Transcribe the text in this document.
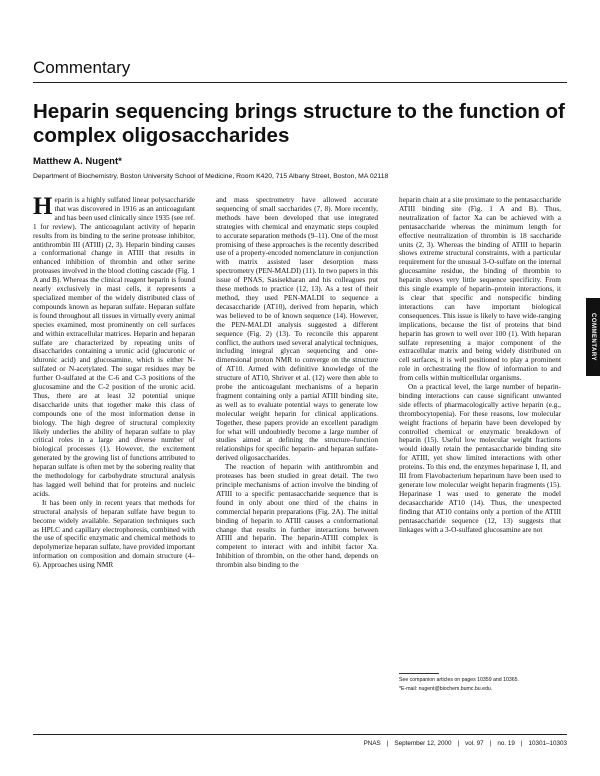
Commentary
Heparin sequencing brings structure to the function of complex oligosaccharides
Matthew A. Nugent*
Department of Biochemistry, Boston University School of Medicine, Room K420, 715 Albany Street, Boston, MA 02118

Heparin is a highly sulfated linear polysaccharide that was discovered in 1916 as an anticoagulant and has been used clinically since 1935 (see ref. 1 for review). The anticoagulant activity of heparin results from its binding to the serine protease inhibitor, antithrombin III (ATIII) (2, 3). Heparin binding causes a conformational change in ATIII that results in enhanced inhibition of thrombin and other serine proteases involved in the blood clotting cascade (Fig. 1 A and B). Whereas the clinical reagent heparin is found nearly exclusively in mast cells, it represents a specialized member of the widely distributed class of compounds known as heparan sulfate. Heparan sulfate is found throughout all tissues in virtually every animal species examined, most prominently on cell surfaces and within extracellular matrices. Heparin and heparan sulfate are characterized by repeating units of disaccharides containing a uronic acid (glucuronic or iduronic acid) and glucosamine, which is either N-sulfated or N-acetylated. The sugar residues may be further O-sulfated at the C-6 and C-3 positions of the glucosamine and the C-2 position of the uronic acid. Thus, there are at least 32 potential unique disaccharide units that together make this class of compounds one of the most information dense in biology. The high degree of structural complexity likely underlies the ability of heparan sulfate to play critical roles in a large and diverse number of biological processes (1). However, the excitement generated by the growing list of functions attributed to heparan sulfate is often met by the sobering reality that the methodology for carbohydrate structural analysis has lagged well behind that for proteins and nucleic acids.

It has been only in recent years that methods for structural analysis of heparan sulfate have begun to become widely available. Separation techniques such as HPLC and capillary electrophoresis, combined with the use of specific enzymatic and chemical methods to depolymerize heparan sulfate, have provided important information on composition and domain structure (4–6). Approaches using NMR

and mass spectrometry have allowed accurate sequencing of small saccharides (7, 8). More recently, methods have been developed that use integrated strategies with chemical and enzymatic steps coupled to accurate separation methods (9–11). One of the most promising of these approaches is the recently described use of a property-encoded nomenclature in conjunction with matrix assisted laser desorption mass spectrometry (PEN-MALDI) (11). In two papers in this issue of PNAS, Sasisekharan and his colleagues put these methods to practice (12, 13). As a test of their method, they used PEN-MALDI to sequence a decasaccharide (AT10), derived from heparin, which was believed to be of known sequence (14). However, the PEN-MALDI analysis suggested a different sequence (Fig. 2) (13). To reconcile this apparent conflict, the authors used several analytical techniques, including integral glycan sequencing and one-dimensional proton NMR to converge on the structure of AT10. Armed with definitive knowledge of the structure of AT10, Shriver et al. (12) were then able to probe the anticoagulant mechanisms of a heparin fragment containing only a partial ATIII binding site, as well as to evaluate potential ways to generate low molecular weight heparin for clinical applications. Together, these papers provide an excellent paradigm for what will undoubtedly become a large number of studies aimed at defining the structure–function relationships for specific heparin- and heparan sulfate-derived oligosaccharides.

The reaction of heparin with antithrombin and proteases has been studied in great detail. The two principle mechanisms of action involve the binding of ATIII to a specific pentasaccharide sequence that is found in only about one third of the chains in commercial heparin preparations (Fig. 2A). The initial binding of heparin to ATIII causes a conformational change that results in further interactions between ATIII and heparin. The heparin-ATIII complex is competent to interact with and inhibit factor Xa. Inhibition of thrombin, on the other hand, depends on thrombin also binding to the

heparin chain at a site proximate to the pentasaccharide ATIII binding site (Fig. 1 A and B). Thus, neutralization of factor Xa can be achieved with a pentasaccharide whereas the minimum length for effective neutralization of thrombin is 18 saccharide units (2, 3). Whereas the binding of ATIII to heparin shows extreme structural constraints, with a particular requirement for the unusual 3-O-sulfate on the internal glucosamine residue, the binding of thrombin to heparin shows very little sequence specificity. From this single example of heparin–protein interactions, it is clear that specific and nonspecific binding interactions can have important biological consequences. This issue is likely to have wide-ranging implications, because the list of proteins that bind heparin has grown to well over 100 (1). With heparan sulfate representing a major component of the extracellular matrix and being widely distributed on cell surfaces, it is well positioned to play a prominent role in orchestrating the flow of information to and from cells within multicellular organisms.

On a practical level, the large number of heparin-binding interactions can cause significant unwanted side effects of pharmacologically active heparin (e.g., thrombocytopenia). For these reasons, low molecular weight fractions of heparin have been developed by controlled chemical or enzymatic breakdown of heparin (15). Useful low molecular weight fractions would ideally retain the pentasaccharide binding site for ATIII, yet show limited interactions with other proteins. To this end, the enzymes heparinase I, II, and III from Flavobacterium heparinum have been used to generate low molecular weight heparin fragments (15). Heparinase I was used to generate the model decasaccharide AT10 (14). Thus, the unexpected finding that AT10 contains only a portion of the ATIII pentasaccharide sequence (12, 13) suggests that linkages with a 3-O-sulfated glucosamine are not

COMMENTARY
See companion articles on pages 10359 and 10365.
*E-mail: nugent@biochem.bumc.bu.edu.
PNAS | September 12, 2000 | vol. 97 | no. 19 | 10301–10303
